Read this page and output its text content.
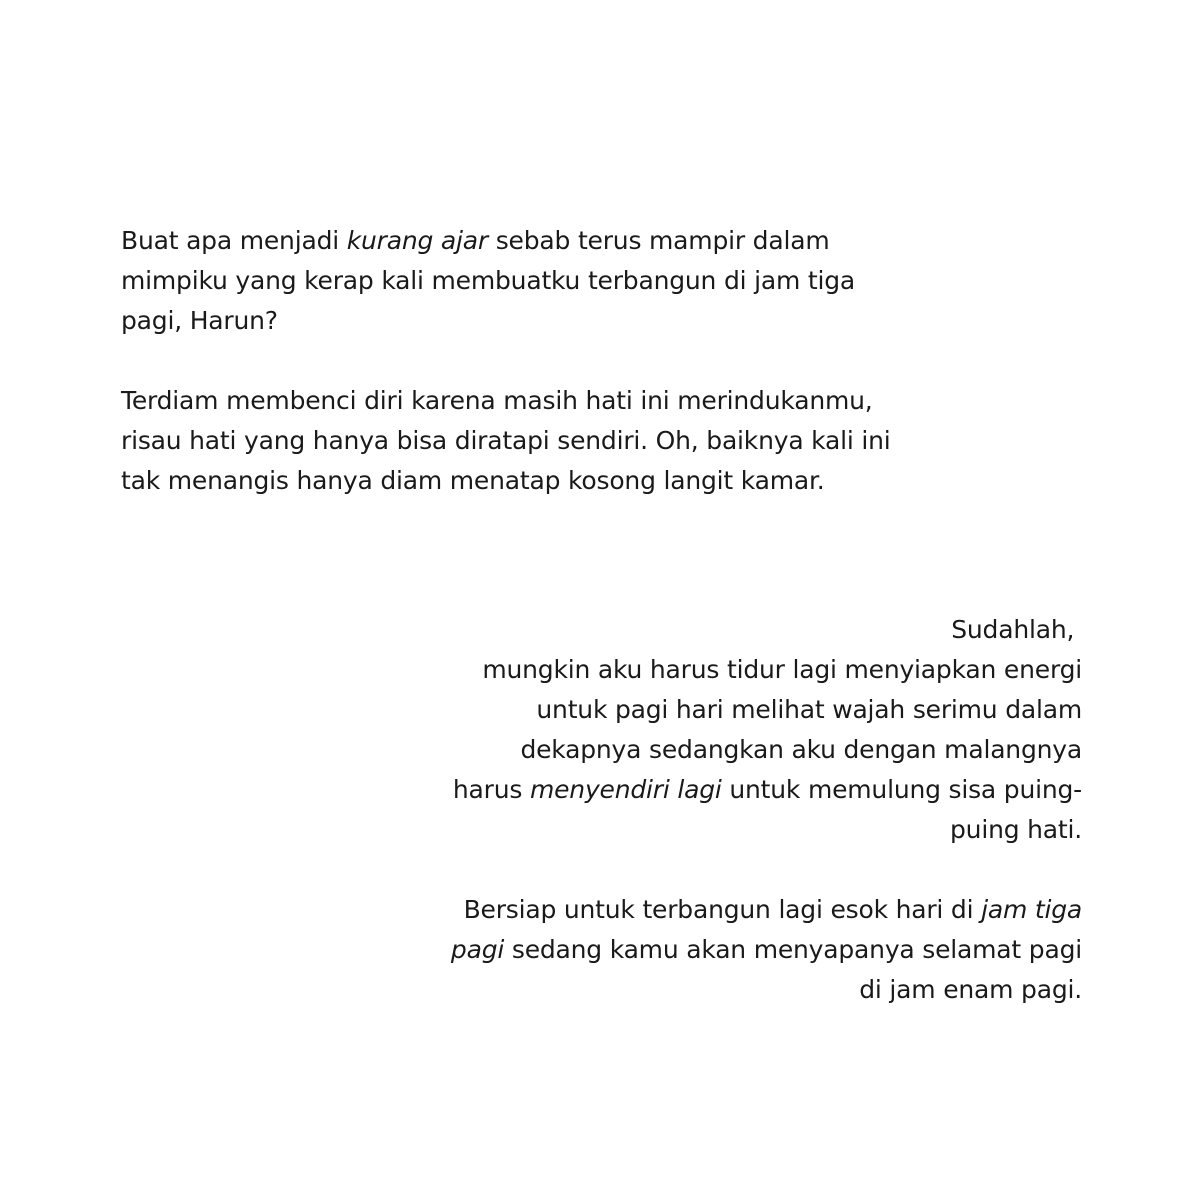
Buat apa menjadi kurang ajar sebab terus mampir dalam
mimpiku yang kerap kali membuatku terbangun di jam tiga
pagi, Harun?
Terdiam membenci diri karena masih hati ini merindukanmu,
risau hati yang hanya bisa diratapi sendiri. Oh, baiknya kali ini
tak menangis hanya diam menatap kosong langit kamar.
Sudahlah,
mungkin aku harus tidur lagi menyiapkan energi
untuk pagi hari melihat wajah serimu dalam
dekapnya sedangkan aku dengan malangnya
harus menyendiri lagi untuk memulung sisa puing-
puing hati.
Bersiap untuk terbangun lagi esok hari di jam tiga
pagi sedang kamu akan menyapanya selamat pagi
di jam enam pagi.
